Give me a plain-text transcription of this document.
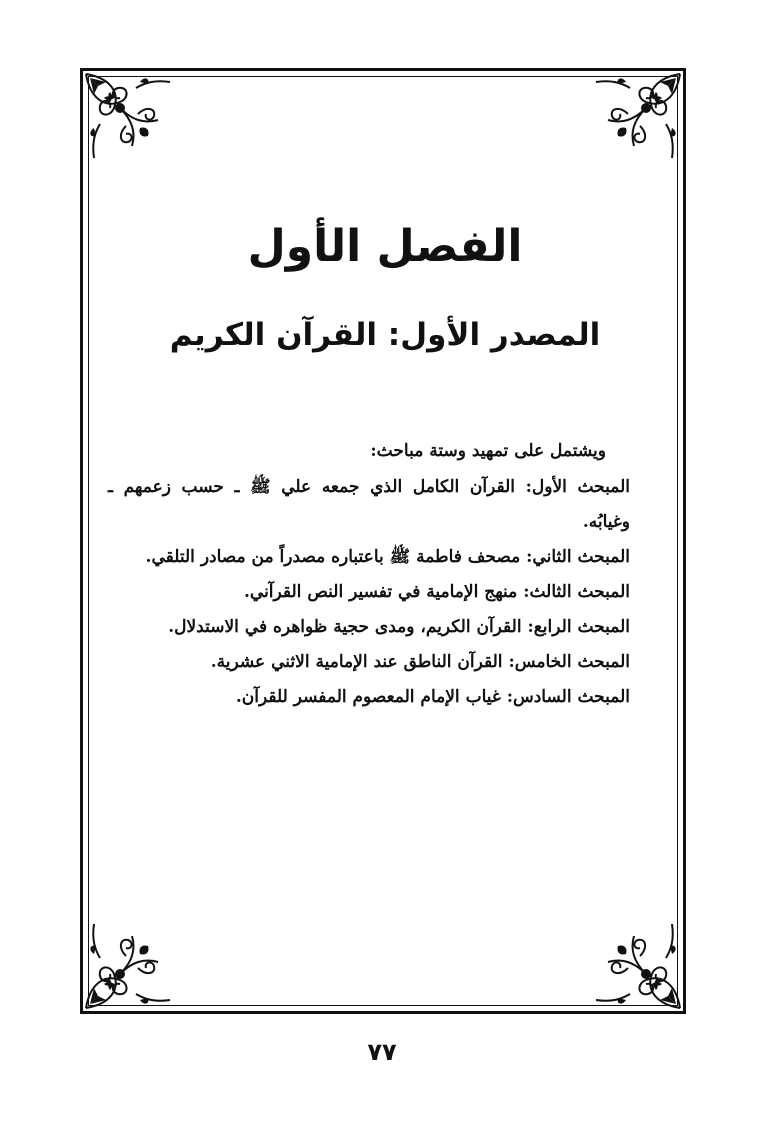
الفصل الأول
المصدر الأول: القرآن الكريم
ويشتمل على تمهيد وستة مباحث:
المبحث الأول: القرآن الكامل الذي جمعه علي ﷺ ـ حسب زعمهم ـ وغيابُه.
المبحث الثاني: مصحف فاطمة ﷺ باعتباره مصدراً من مصادر التلقي.
المبحث الثالث: منهج الإمامية في تفسير النص القرآني.
المبحث الرابع: القرآن الكريم، ومدى حجية ظواهره في الاستدلال.
المبحث الخامس: القرآن الناطق عند الإمامية الاثني عشرية.
المبحث السادس: غياب الإمام المعصوم المفسر للقرآن.
٧٧
